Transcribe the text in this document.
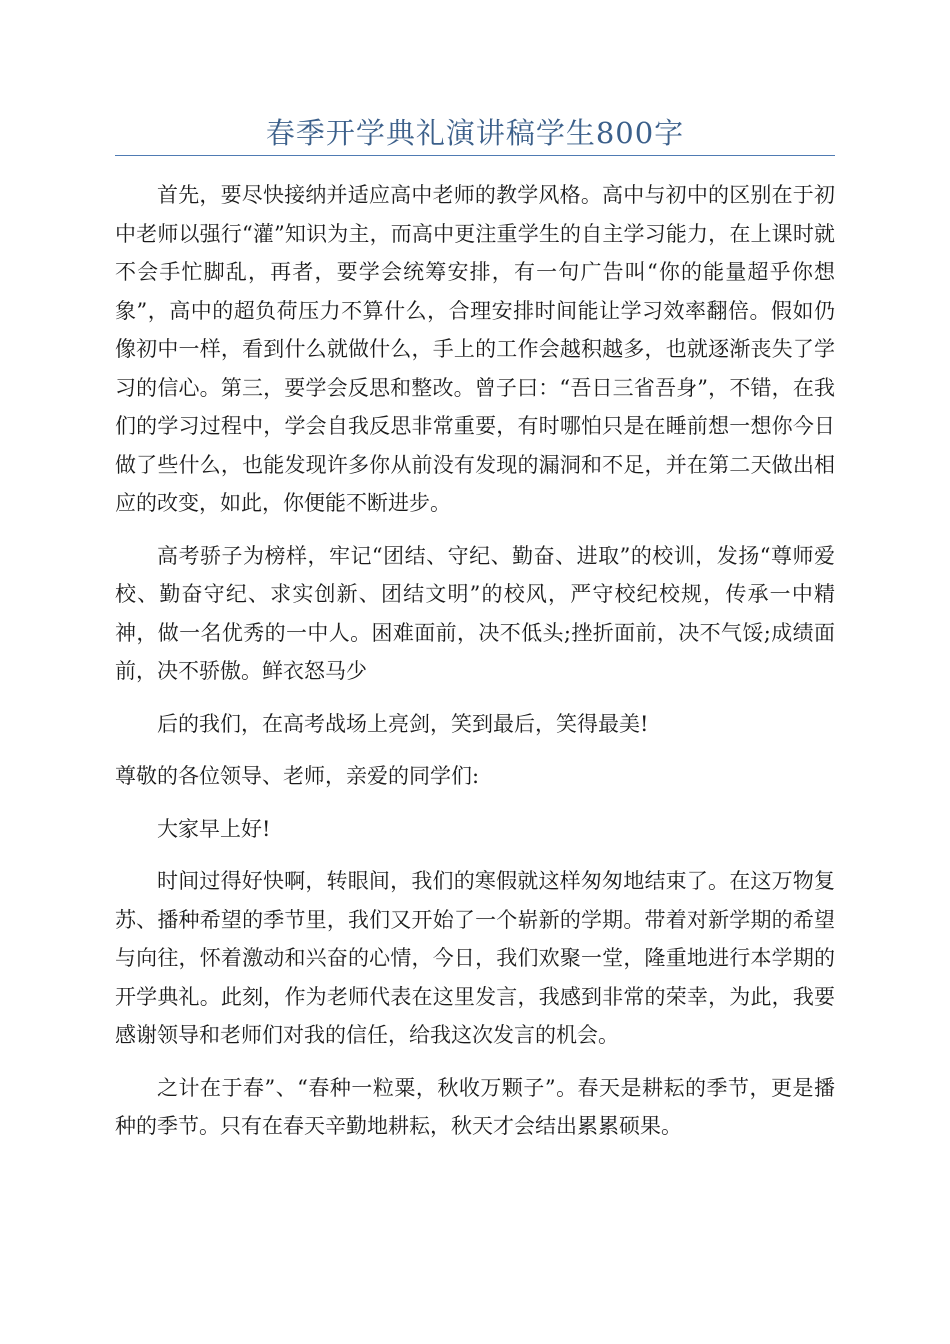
春季开学典礼演讲稿学生800字

首先，要尽快接纳并适应高中老师的教学风格。高中与初中的区别在于初中老师以强行“灌”知识为主，而高中更注重学生的自主学习能力，在上课时就不会手忙脚乱，再者，要学会统筹安排，有一句广告叫“你的能量超乎你想象”，高中的超负荷压力不算什么，合理安排时间能让学习效率翻倍。假如仍像初中一样，看到什么就做什么，手上的工作会越积越多，也就逐渐丧失了学习的信心。第三，要学会反思和整改。曾子曰：“吾日三省吾身”，不错，在我们的学习过程中，学会自我反思非常重要，有时哪怕只是在睡前想一想你今日做了些什么，也能发现许多你从前没有发现的漏洞和不足，并在第二天做出相应的改变，如此，你便能不断进步。

高考骄子为榜样，牢记“团结、守纪、勤奋、进取”的校训，发扬“尊师爱校、勤奋守纪、求实创新、团结文明”的校风，严守校纪校规，传承一中精神，做一名优秀的一中人。困难面前，决不低头;挫折面前，决不气馁;成绩面前，决不骄傲。鲜衣怒马少

后的我们，在高考战场上亮剑，笑到最后，笑得最美!

尊敬的各位领导、老师，亲爱的同学们:

大家早上好!

时间过得好快啊，转眼间，我们的寒假就这样匆匆地结束了。在这万物复苏、播种希望的季节里，我们又开始了一个崭新的学期。带着对新学期的希望与向往，怀着激动和兴奋的心情，今日，我们欢聚一堂，隆重地进行本学期的开学典礼。此刻，作为老师代表在这里发言，我感到非常的荣幸，为此，我要感谢领导和老师们对我的信任，给我这次发言的机会。

之计在于春”、“春种一粒粟，秋收万颗子”。春天是耕耘的季节，更是播种的季节。只有在春天辛勤地耕耘，秋天才会结出累累硕果。
